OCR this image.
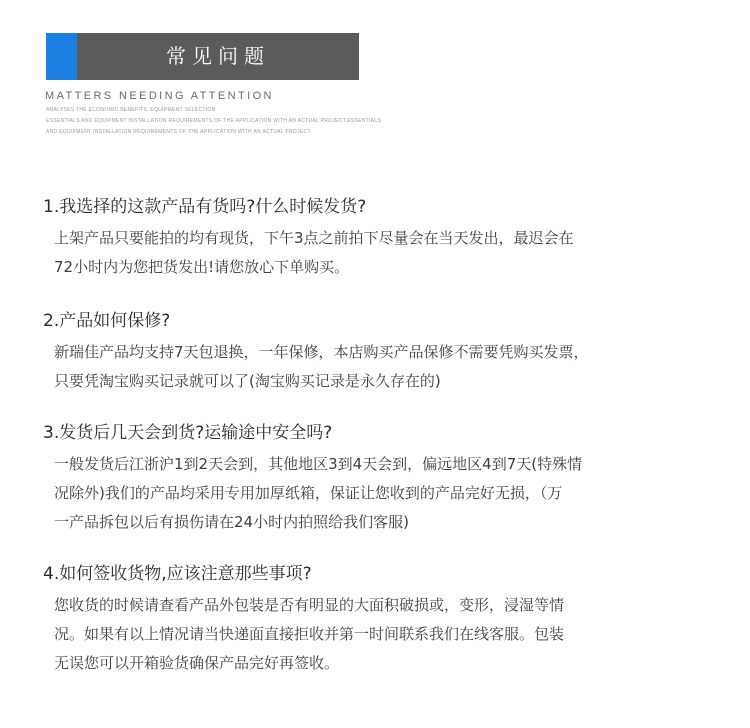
常见问题
MATTERS NEEDING ATTENTION
ANALYSES THE ECONOMIC BENEFITS, EQUIPMENT SELECTION
ESSENTIALS AND EQUIPMENT INSTALLATION REQUIREMENTS OF THE APPLICATION WITH AN ACTUAL PROJECT.ESSENTIALS
AND EQUIPMENT INSTALLATION REQUIREMENTS OF THE APPLICATION WITH AN ACTUAL PROJECT.
1.我选择的这款产品有货吗?什么时候发货?
上架产品只要能拍的均有现货，下午3点之前拍下尽量会在当天发出，最迟会在
72小时内为您把货发出!请您放心下单购买。
2.产品如何保修?
新瑞佳产品均支持7天包退换，一年保修，本店购买产品保修不需要凭购买发票，
只要凭淘宝购买记录就可以了(淘宝购买记录是永久存在的)
3.发货后几天会到货?运输途中安全吗?
一般发货后江浙沪1到2天会到，其他地区3到4天会到，偏远地区4到7天(特殊情
况除外)我们的产品均采用专用加厚纸箱，保证让您收到的产品完好无损，（万
一产品拆包以后有损伤请在24小时内拍照给我们客服)
4.如何签收货物,应该注意那些事项?
您收货的时候请查看产品外包装是否有明显的大面积破损或，变形，浸湿等情
况。如果有以上情况请当快递面直接拒收并第一时间联系我们在线客服。包装
无误您可以开箱验货确保产品完好再签收。
